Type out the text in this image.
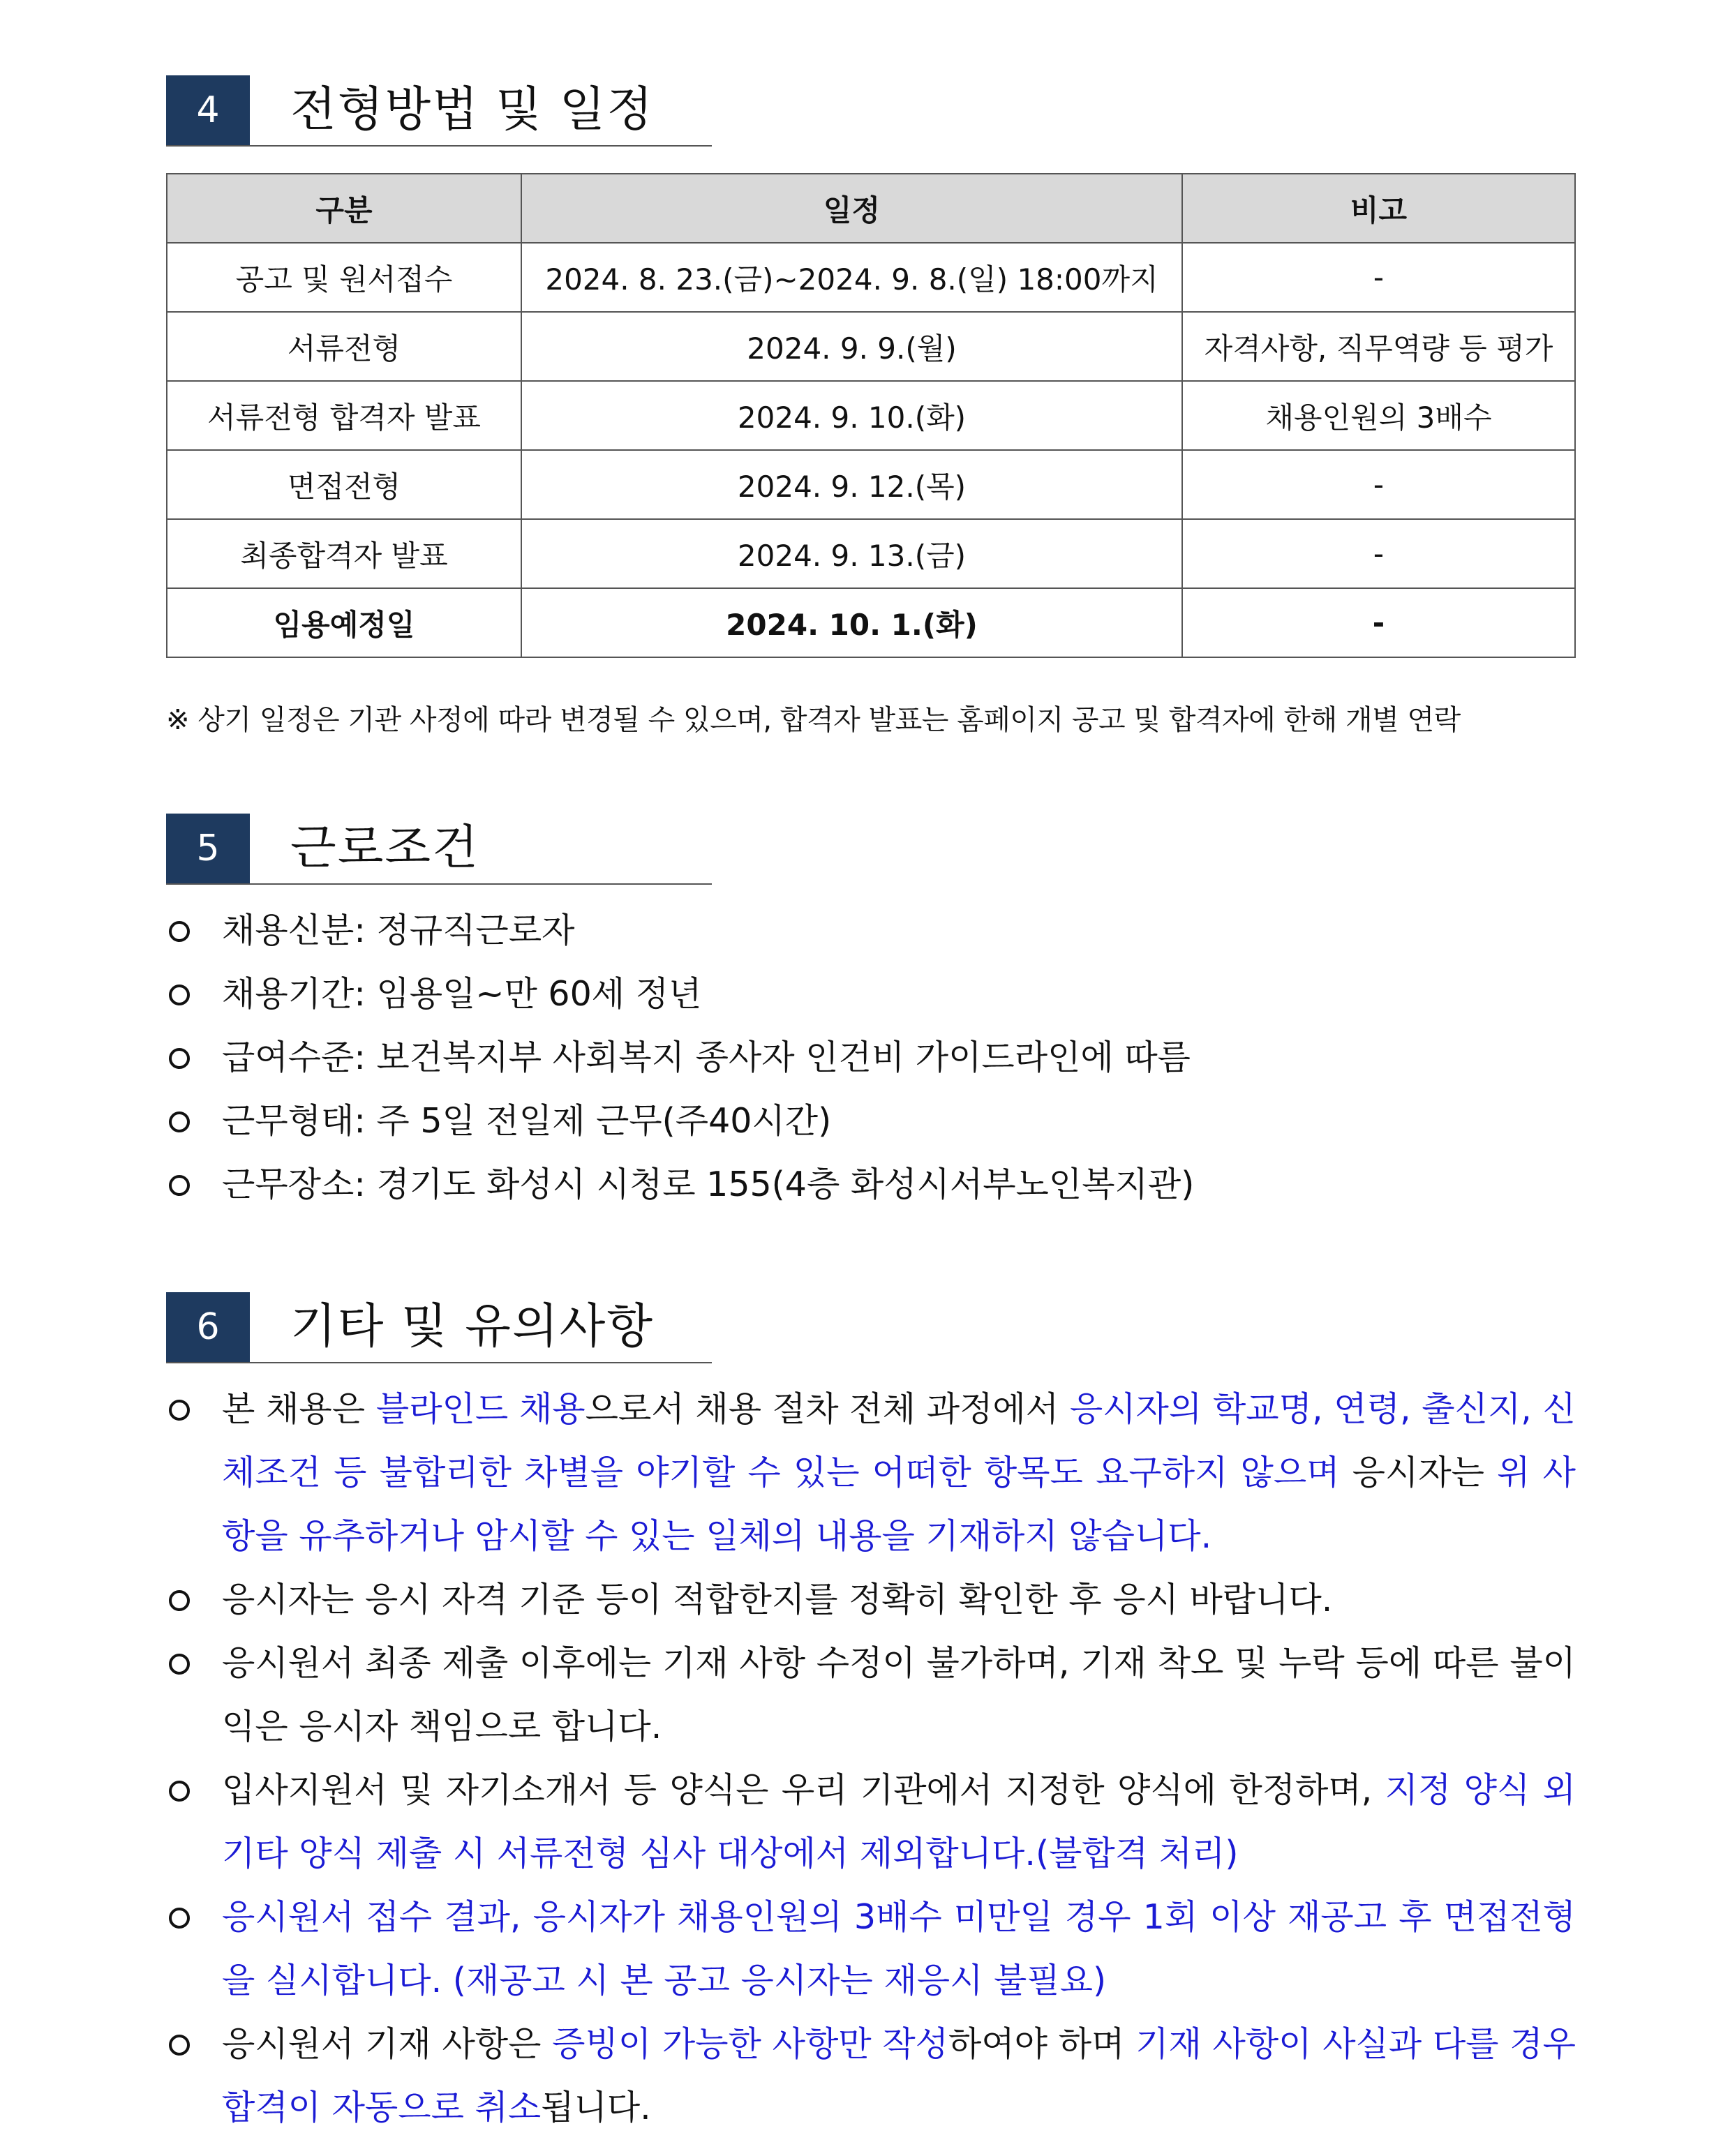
4	전형방법 및 일정
구분	일정	비고
공고 및 원서접수	2024. 8. 23.(금)~2024. 9. 8.(일) 18:00까지	-
서류전형	2024. 9. 9.(월)	자격사항, 직무역량 등 평가
서류전형 합격자 발표	2024. 9. 10.(화)	채용인원의 3배수
면접전형	2024. 9. 12.(목)	-
최종합격자 발표	2024. 9. 13.(금)	-
임용예정일	2024. 10. 1.(화)	-
※ 상기 일정은 기관 사정에 따라 변경될 수 있으며, 합격자 발표는 홈페이지 공고 및 합격자에 한해 개별 연락
5	근로조건
채용신분: 정규직근로자
채용기간: 임용일~만 60세 정년
급여수준: 보건복지부 사회복지 종사자 인건비 가이드라인에 따름
근무형태: 주 5일 전일제 근무(주40시간)
근무장소: 경기도 화성시 시청로 155(4층 화성시서부노인복지관)
6	기타 및 유의사항
본 채용은 블라인드 채용으로서 채용 절차 전체 과정에서 응시자의 학교명, 연령, 출신지, 신체조건 등 불합리한 차별을 야기할 수 있는 어떠한 항목도 요구하지 않으며 응시자는 위 사항을 유추하거나 암시할 수 있는 일체의 내용을 기재하지 않습니다.
응시자는 응시 자격 기준 등이 적합한지를 정확히 확인한 후 응시 바랍니다.
응시원서 최종 제출 이후에는 기재 사항 수정이 불가하며, 기재 착오 및 누락 등에 따른 불이익은 응시자 책임으로 합니다.
입사지원서 및 자기소개서 등 양식은 우리 기관에서 지정한 양식에 한정하며, 지정 양식 외 기타 양식 제출 시 서류전형 심사 대상에서 제외합니다.(불합격 처리)
응시원서 접수 결과, 응시자가 채용인원의 3배수 미만일 경우 1회 이상 재공고 후 면접전형을 실시합니다. (재공고 시 본 공고 응시자는 재응시 불필요)
응시원서 기재 사항은 증빙이 가능한 사항만 작성하여야 하며 기재 사항이 사실과 다를 경우 합격이 자동으로 취소됩니다.
